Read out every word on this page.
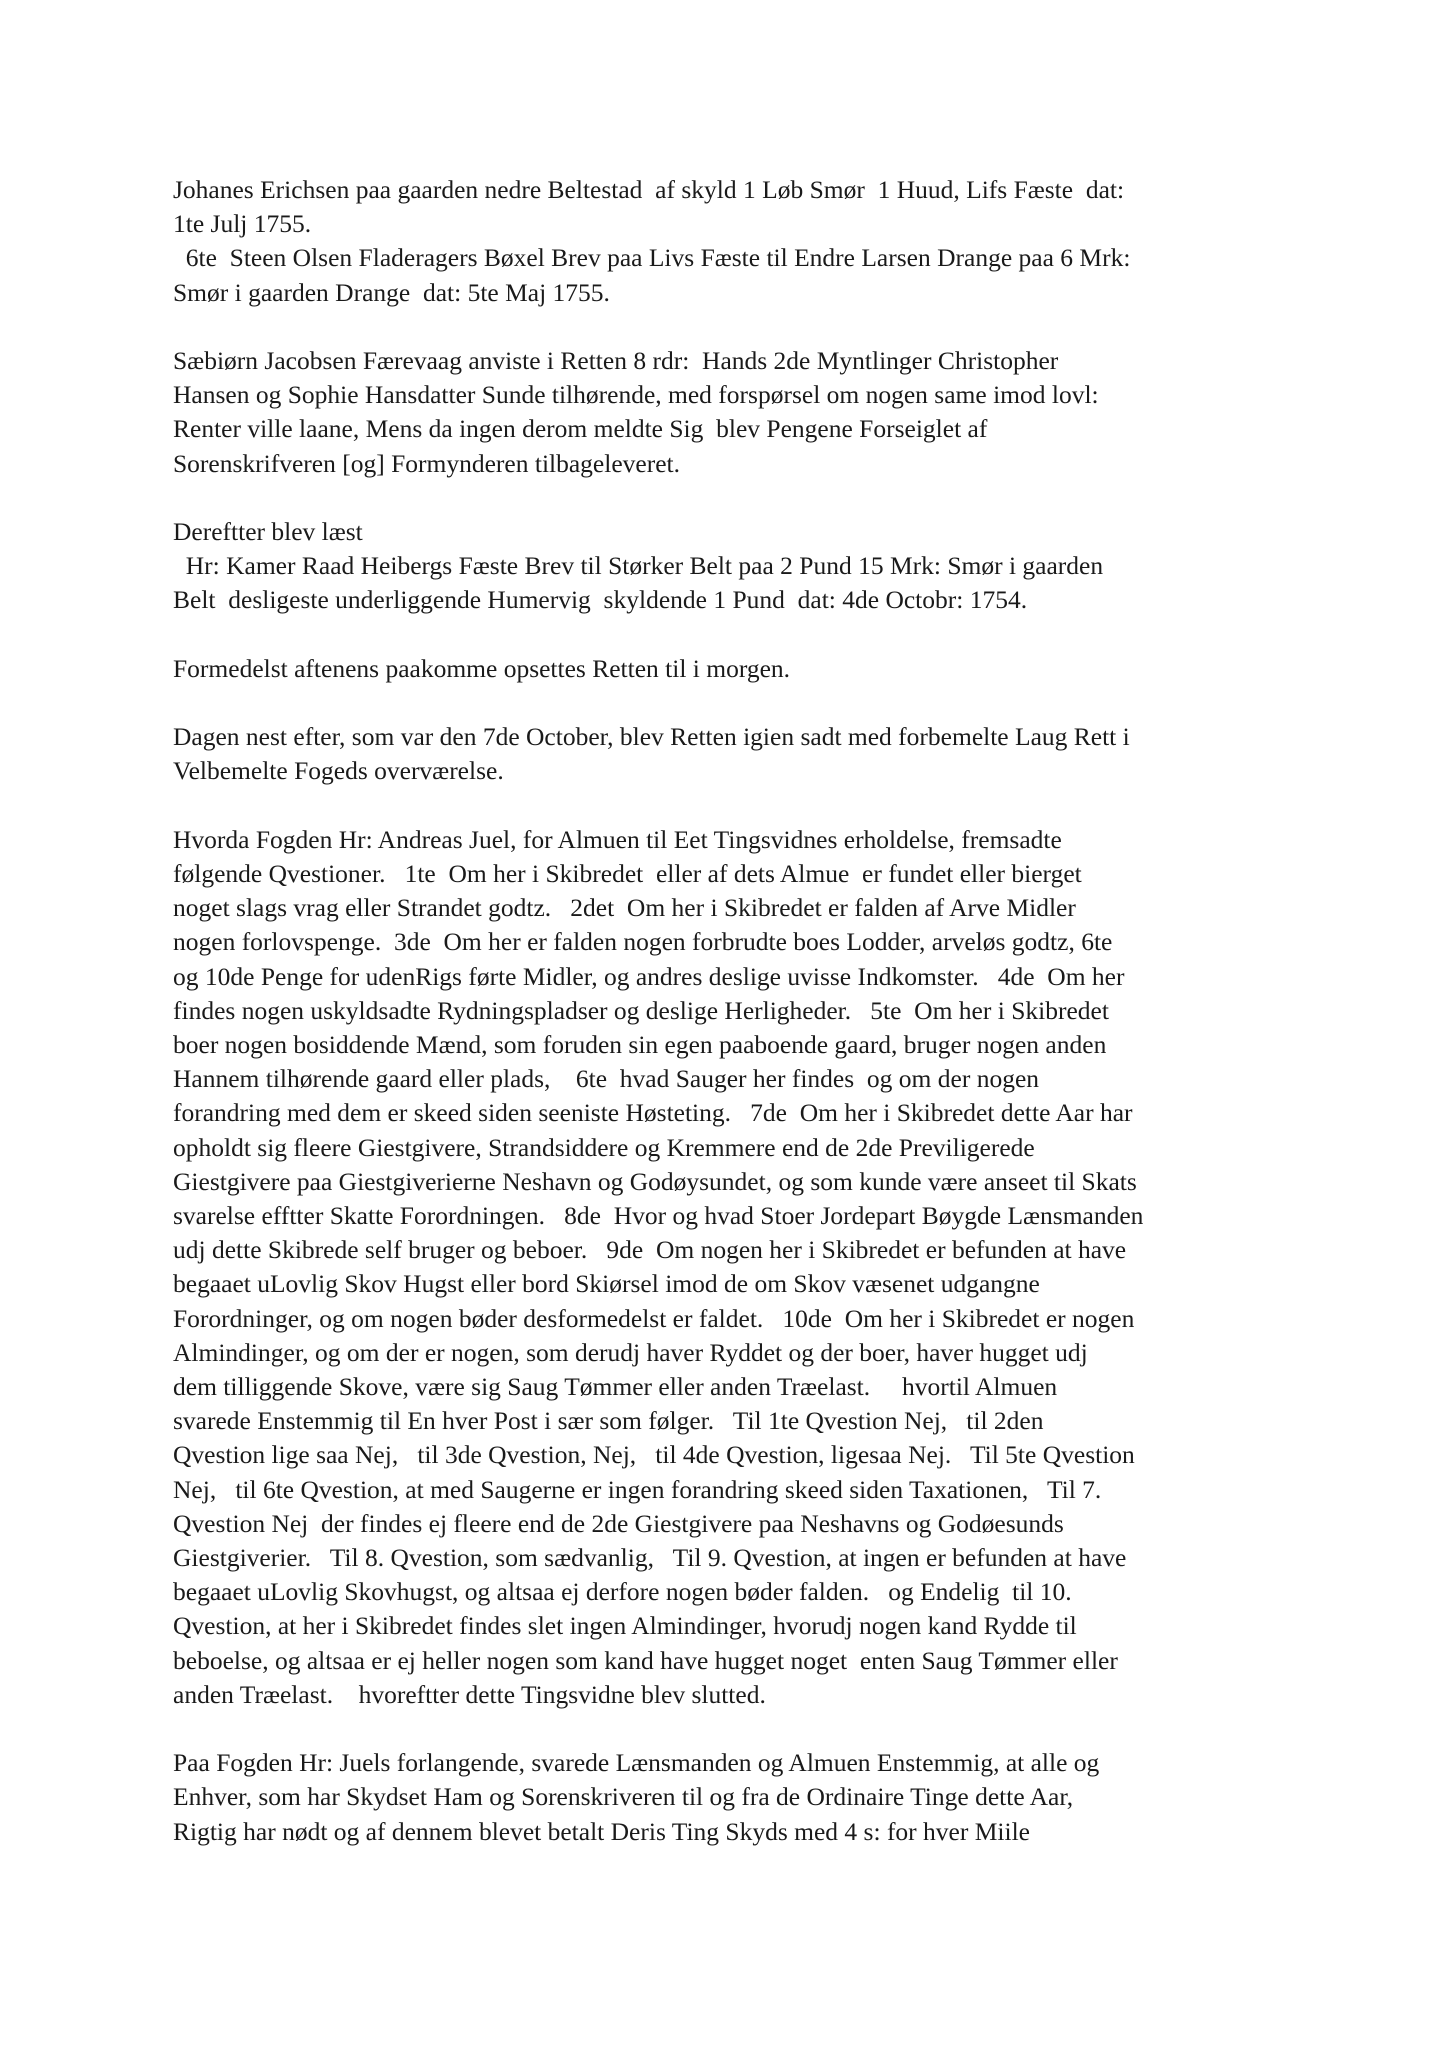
Johanes Erichsen paa gaarden nedre Beltestad  af skyld 1 Løb Smør  1 Huud, Lifs Fæste  dat:
1te Julj 1755.
6te  Steen Olsen Fladeragers Bøxel Brev paa Livs Fæste til Endre Larsen Drange paa 6 Mrk:
Smør i gaarden Drange  dat: 5te Maj 1755.
Sæbiørn Jacobsen Færevaag anviste i Retten 8 rdr:  Hands 2de Myntlinger Christopher
Hansen og Sophie Hansdatter Sunde tilhørende, med forspørsel om nogen same imod lovl:
Renter ville laane, Mens da ingen derom meldte Sig  blev Pengene Forseiglet af
Sorenskrifveren [og] Formynderen tilbageleveret.
Dereftter blev læst
Hr: Kamer Raad Heibergs Fæste Brev til Størker Belt paa 2 Pund 15 Mrk: Smør i gaarden
Belt  desligeste underliggende Humervig  skyldende 1 Pund  dat: 4de Octobr: 1754.
Formedelst aftenens paakomme opsettes Retten til i morgen.
Dagen nest efter, som var den 7de October, blev Retten igien sadt med forbemelte Laug Rett i
Velbemelte Fogeds overværelse.
Hvorda Fogden Hr: Andreas Juel, for Almuen til Eet Tingsvidnes erholdelse, fremsadte
følgende Qvestioner.   1te  Om her i Skibredet  eller af dets Almue  er fundet eller bierget
noget slags vrag eller Strandet godtz.   2det  Om her i Skibredet er falden af Arve Midler
nogen forlovspenge.  3de  Om her er falden nogen forbrudte boes Lodder, arveløs godtz, 6te
og 10de Penge for udenRigs førte Midler, og andres deslige uvisse Indkomster.   4de  Om her
findes nogen uskyldsadte Rydningspladser og deslige Herligheder.   5te  Om her i Skibredet
boer nogen bosiddende Mænd, som foruden sin egen paaboende gaard, bruger nogen anden
Hannem tilhørende gaard eller plads,    6te  hvad Sauger her findes  og om der nogen
forandring med dem er skeed siden seeniste Høsteting.   7de  Om her i Skibredet dette Aar har
opholdt sig fleere Giestgivere, Strandsiddere og Kremmere end de 2de Previligerede
Giestgivere paa Giestgiverierne Neshavn og Godøysundet, og som kunde være anseet til Skats
svarelse efftter Skatte Forordningen.   8de  Hvor og hvad Stoer Jordepart Bøygde Lænsmanden
udj dette Skibrede self bruger og beboer.   9de  Om nogen her i Skibredet er befunden at have
begaaet uLovlig Skov Hugst eller bord Skiørsel imod de om Skov væsenet udgangne
Forordninger, og om nogen bøder desformedelst er faldet.   10de  Om her i Skibredet er nogen
Almindinger, og om der er nogen, som derudj haver Ryddet og der boer, haver hugget udj
dem tilliggende Skove, være sig Saug Tømmer eller anden Træelast.     hvortil Almuen
svarede Enstemmig til En hver Post i sær som følger.   Til 1te Qvestion Nej,   til 2den
Qvestion lige saa Nej,   til 3de Qvestion, Nej,   til 4de Qvestion, ligesaa Nej.   Til 5te Qvestion
Nej,   til 6te Qvestion, at med Saugerne er ingen forandring skeed siden Taxationen,   Til 7.
Qvestion Nej  der findes ej fleere end de 2de Giestgivere paa Neshavns og Godøesunds
Giestgiverier.   Til 8. Qvestion, som sædvanlig,   Til 9. Qvestion, at ingen er befunden at have
begaaet uLovlig Skovhugst, og altsaa ej derfore nogen bøder falden.   og Endelig  til 10.
Qvestion, at her i Skibredet findes slet ingen Almindinger, hvorudj nogen kand Rydde til
beboelse, og altsaa er ej heller nogen som kand have hugget noget  enten Saug Tømmer eller
anden Træelast.    hvoreftter dette Tingsvidne blev slutted.
Paa Fogden Hr: Juels forlangende, svarede Lænsmanden og Almuen Enstemmig, at alle og
Enhver, som har Skydset Ham og Sorenskriveren til og fra de Ordinaire Tinge dette Aar,
Rigtig har nødt og af dennem blevet betalt Deris Ting Skyds med 4 s: for hver Miile
